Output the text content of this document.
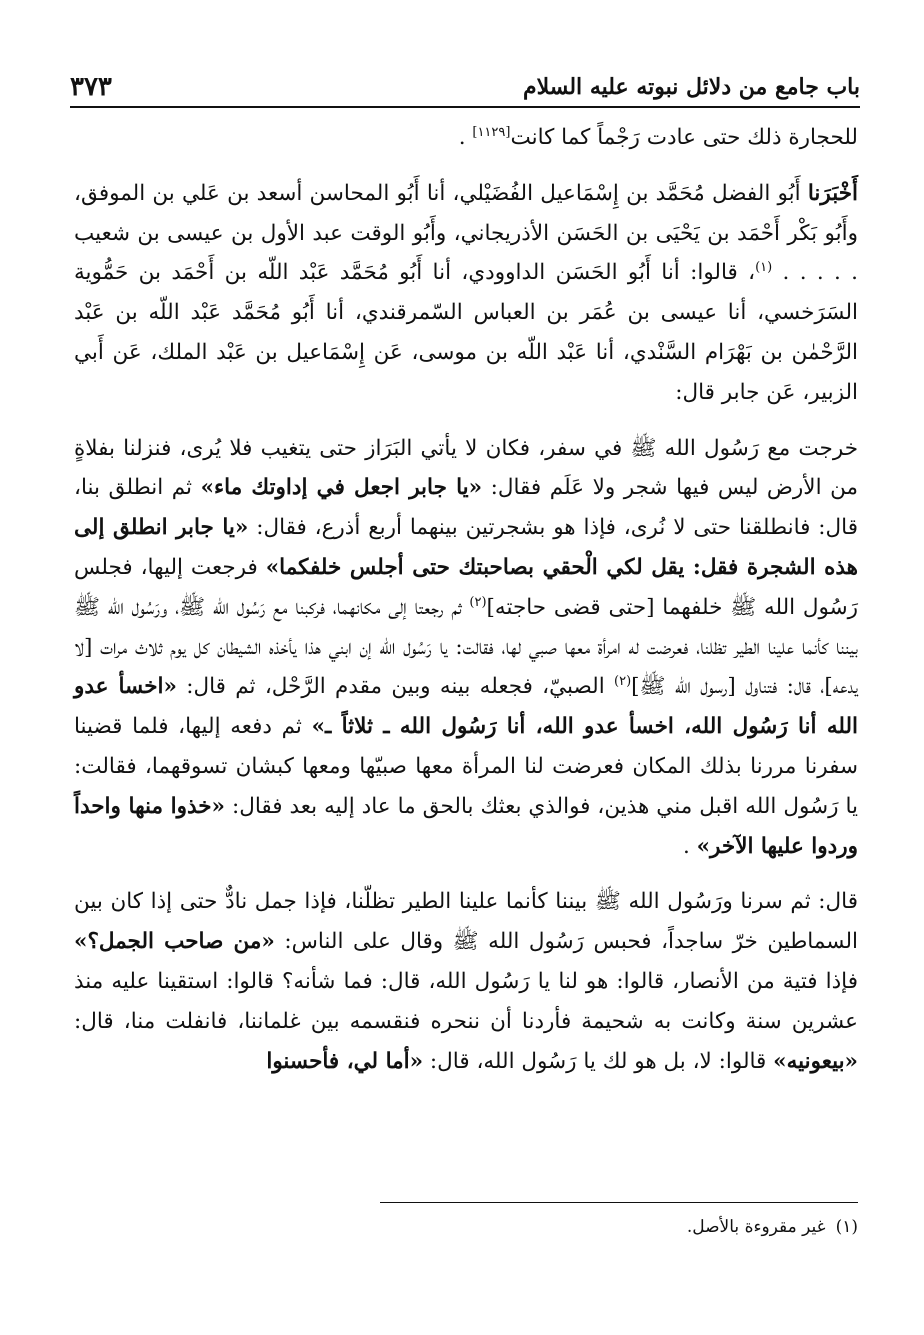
باب جامع من دلائل نبوته عليه السلام
٣٧٣

للحجارة ذلك حتى عادت رَجْماً كما كانت[١١٢٩] .

أَخْبَرَنا أَبُو الفضل مُحَمَّد بن إِسْمَاعيل الفُضَيْلي، أنا أَبُو المحاسن أسعد بن عَلي بن الموفق، وأَبُو بَكْر أَحْمَد بن يَحْيَى بن الحَسَن الأذريجاني، وأَبُو الوقت عبد الأول بن عيسى بن شعيب . . . . . $^{(١)}$، قالوا: أنا أَبُو الحَسَن الداوودي، أنا أَبُو مُحَمَّد عَبْد اللّه بن أَحْمَد بن حَمُّوية السَرَخسي، أنا عيسى بن عُمَر بن العباس السّمرقندي، أنا أَبُو مُحَمَّد عَبْد اللّه بن عَبْد الرَّحْمٰن بن بَهْرَام السَّنْدي، أنا عَبْد اللّه بن موسى، عَن إِسْمَاعيل بن عَبْد الملك، عَن أَبي الزبير، عَن جابر قال:

خرجت مع رَسُول الله ﷺ في سفر، فكان لا يأتي البَرَاز حتى يتغيب فلا يُرى، فنزلنا بفلاةٍ من الأرض ليس فيها شجر ولا عَلَم فقال: «يا جابر اجعل في إداوتك ماء» ثم انطلق بنا، قال: فانطلقنا حتى لا نُرى، فإذا هو بشجرتين بينهما أربع أذرع، فقال: «يا جابر انطلق إلى هذه الشجرة فقل: يقل لكي الْحقي بصاحبتك حتى أجلس خلفكما» فرجعت إليها، فجلس رَسُول الله ﷺ خلفهما [حتى قضى حاجته]$^{(٢)}$ ثم رجعتا إلى مكانهما، فركبنا مع رَسُول الله ﷺ، ورَسُول الله ﷺ بيننا كأنما علينا الطير تظلنا، فعرضت له امرأة معها صبي لها، فقالت: يا رَسُول الله إن ابني هذا يأخذه الشيطان كل يوم ثلاث مرات [لا يدعه]، قال: فتناول [رسول الله ﷺ]$^{(٢)}$ الصبيّ، فجعله بينه وبين مقدم الرَّحْل، ثم قال: «اخسأ عدو الله أنا رَسُول الله، اخسأ عدو الله، أنا رَسُول الله ـ ثلاثاً ـ» ثم دفعه إليها، فلما قضينا سفرنا مررنا بذلك المكان فعرضت لنا المرأة معها صبيّها ومعها كبشان تسوقهما، فقالت: يا رَسُول الله اقبل مني هذين، فوالذي بعثك بالحق ما عاد إليه بعد فقال: «خذوا منها واحداً وردوا عليها الآخر» .

قال: ثم سرنا ورَسُول الله ﷺ بيننا كأنما علينا الطير تظلّنا، فإذا جمل نادٌّ حتى إذا كان بين السماطين خرّ ساجداً، فحبس رَسُول الله ﷺ وقال على الناس: «من صاحب الجمل؟» فإذا فتية من الأنصار، قالوا: هو لنا يا رَسُول الله، قال: فما شأنه؟ قالوا: استقينا عليه منذ عشرين سنة وكانت به شحيمة فأردنا أن ننحره فنقسمه بين غلماننا، فانفلت منا، قال: «بيعونيه» قالوا: لا، بل هو لك يا رَسُول الله، قال: «أما لي، فأحسنوا

(١)غير مقروءة بالأصل.
